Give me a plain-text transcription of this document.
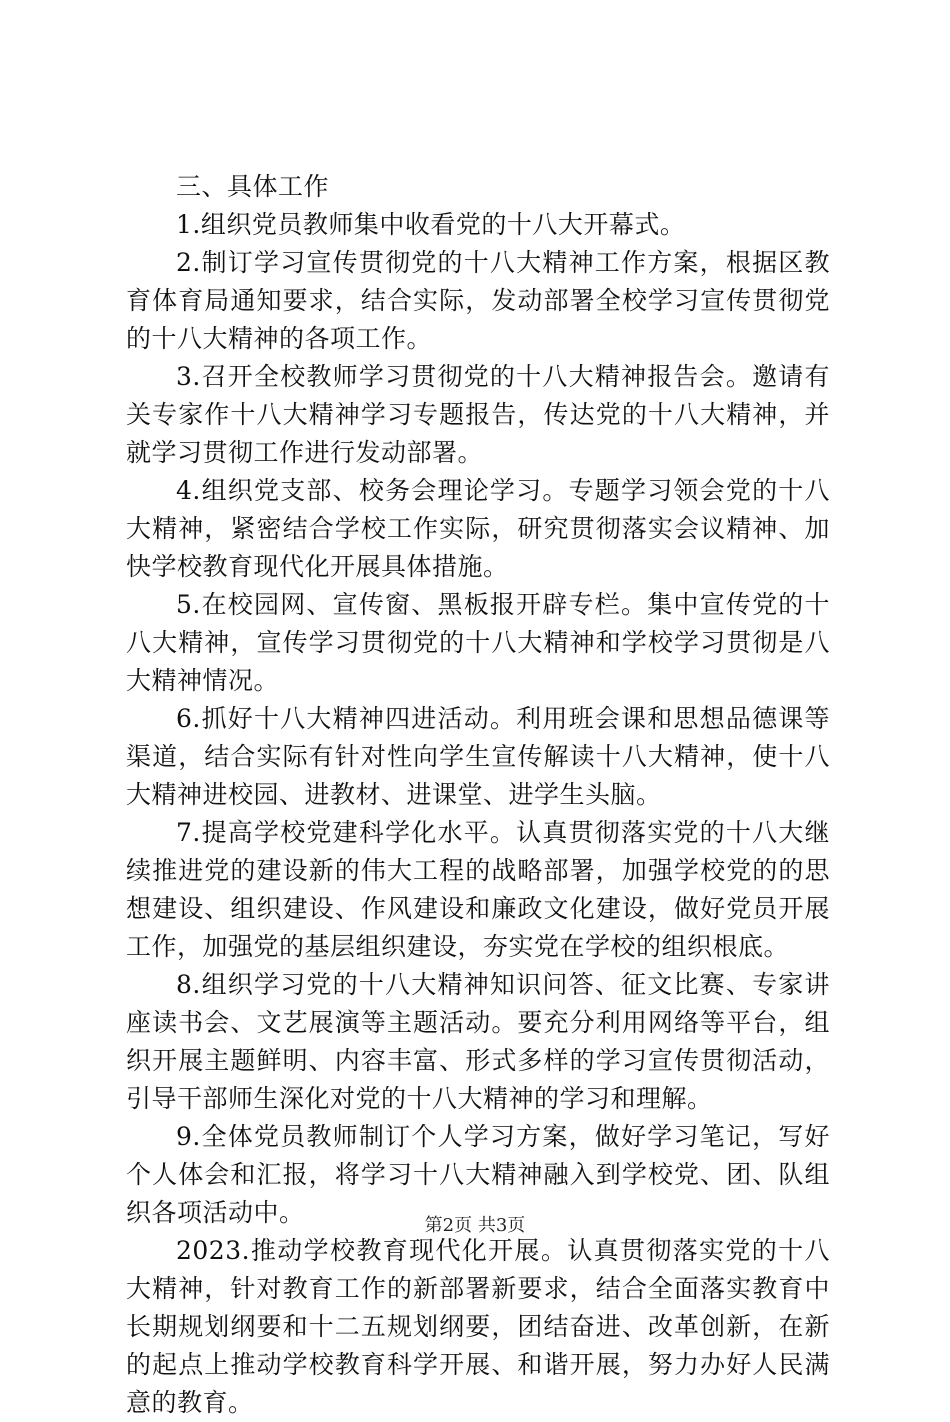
三、具体工作

1.组织党员教师集中收看党的十八大开幕式。

2.制订学习宣传贯彻党的十八大精神工作方案，根据区教育体育局通知要求，结合实际，发动部署全校学习宣传贯彻党的十八大精神的各项工作。

3.召开全校教师学习贯彻党的十八大精神报告会。邀请有关专家作十八大精神学习专题报告，传达党的十八大精神，并就学习贯彻工作进行发动部署。

4.组织党支部、校务会理论学习。专题学习领会党的十八大精神，紧密结合学校工作实际，研究贯彻落实会议精神、加快学校教育现代化开展具体措施。

5.在校园网、宣传窗、黑板报开辟专栏。集中宣传党的十八大精神，宣传学习贯彻党的十八大精神和学校学习贯彻是八大精神情况。

6.抓好十八大精神四进活动。利用班会课和思想品德课等渠道，结合实际有针对性向学生宣传解读十八大精神，使十八大精神进校园、进教材、进课堂、进学生头脑。

7.提高学校党建科学化水平。认真贯彻落实党的十八大继续推进党的建设新的伟大工程的战略部署，加强学校党的的思想建设、组织建设、作风建设和廉政文化建设，做好党员开展工作，加强党的基层组织建设，夯实党在学校的组织根底。

8.组织学习党的十八大精神知识问答、征文比赛、专家讲座读书会、文艺展演等主题活动。要充分利用网络等平台，组织开展主题鲜明、内容丰富、形式多样的学习宣传贯彻活动，引导干部师生深化对党的十八大精神的学习和理解。

9.全体党员教师制订个人学习方案，做好学习笔记，写好个人体会和汇报，将学习十八大精神融入到学校党、团、队组织各项活动中。

2023.推动学校教育现代化开展。认真贯彻落实党的十八大精神，针对教育工作的新部署新要求，结合全面落实教育中长期规划纲要和十二五规划纲要，团结奋进、改革创新，在新的起点上推动学校教育科学开展、和谐开展，努力办好人民满意的教育。

第2页 共3页
